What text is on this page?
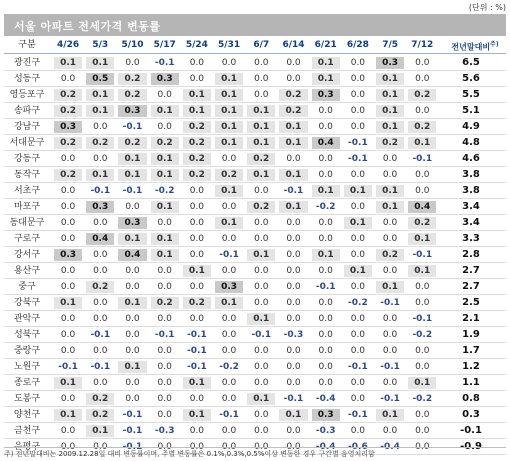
(단위 : %)
서울 아파트 전세가격 변동률
구분	4/26	5/3	5/10	5/17	5/24	5/31	6/7	6/14	6/21	6/28	7/5	7/12	전년말대비$^{주)}$
광진구	0.1	0.1	0.0	-0.1	0.0	0.0	0.0	0.0	0.1	0.0	0.3	0.0	6.5
성동구	0.0	0.5	0.2	0.3	0.0	0.1	0.0	0.0	0.1	0.0	0.1	0.0	5.6
영등포구	0.2	0.1	0.2	0.0	0.1	0.1	0.0	0.2	0.3	0.0	0.1	0.2	5.5
송파구	0.2	0.1	0.3	0.1	0.1	0.1	0.1	0.2	0.0	0.0	0.1	0.0	5.1
강남구	0.3	0.0	-0.1	0.0	0.2	0.1	0.1	0.1	0.0	0.0	0.1	0.2	4.9
서대문구	0.2	0.2	0.2	0.2	0.2	0.1	0.1	0.1	0.4	-0.1	0.2	0.1	4.8
강동구	0.0	0.0	0.1	0.1	0.2	0.0	0.2	0.0	0.0	-0.1	0.0	-0.1	4.6
동작구	0.2	0.1	0.1	0.1	0.2	0.2	0.1	0.1	0.0	0.0	0.0	0.0	3.8
서초구	0.0	-0.1	-0.1	-0.2	0.0	0.1	0.0	-0.1	0.1	0.1	0.1	0.0	3.8
마포구	0.0	0.3	0.0	0.1	0.0	0.0	0.2	0.1	-0.2	0.0	0.1	0.4	3.4
동대문구	0.0	0.0	0.3	0.0	0.0	0.1	0.0	0.0	0.0	0.1	0.0	0.2	3.4
구로구	0.0	0.4	0.1	0.1	0.0	0.0	0.0	0.0	0.0	0.0	0.0	0.1	3.3
강서구	0.3	0.0	0.4	0.1	0.0	-0.1	0.1	0.0	0.1	0.0	0.2	-0.1	2.8
용산구	0.0	0.0	0.0	0.0	0.1	0.0	0.0	0.0	0.0	0.1	0.0	0.1	2.7
중구	0.0	0.2	0.0	0.0	0.0	0.3	0.0	0.0	-0.1	0.0	0.1	0.0	2.7
강북구	0.1	0.0	0.1	0.2	0.2	0.1	0.0	0.0	0.0	-0.2	-0.1	0.0	2.5
관악구	0.0	0.0	0.0	0.0	0.0	0.0	0.1	0.0	0.0	0.0	0.0	-0.1	2.1
성북구	0.0	-0.1	0.0	-0.1	-0.1	0.0	-0.1	-0.3	0.0	0.0	0.0	-0.2	1.9
중랑구	0.0	0.0	0.0	0.0	-0.1	0.0	0.0	0.0	0.0	0.0	0.0	0.0	1.7
노원구	-0.1	-0.1	0.1	0.0	-0.1	-0.2	0.0	0.0	0.0	-0.1	-0.1	0.0	1.2
종로구	0.1	0.0	0.0	0.0	0.1	0.0	0.0	0.0	0.0	0.0	0.0	0.1	1.1
도봉구	0.0	0.2	0.0	0.0	0.0	0.0	0.1	-0.1	-0.4	0.0	-0.1	-0.2	0.8
양천구	0.1	0.2	-0.1	0.0	0.1	-0.1	0.0	0.1	0.3	-0.1	0.1	0.0	0.3
금천구	0.0	0.1	-0.1	-0.3	0.0	0.0	0.0	0.0	-0.3	0.0	0.0	0.0	-0.1
은평구	0.0	0.0	-0.1	0.0	0.0	0.0	0.0	0.0	-0.4	-0.6	-0.4	0.0	-0.9
주) 전년말대비는 2009.12.28일 대비 변동률이며, 주별 변동률은 0.1%,0.3%,0.5%이상 변동한 경우 구간별 음영처리함
